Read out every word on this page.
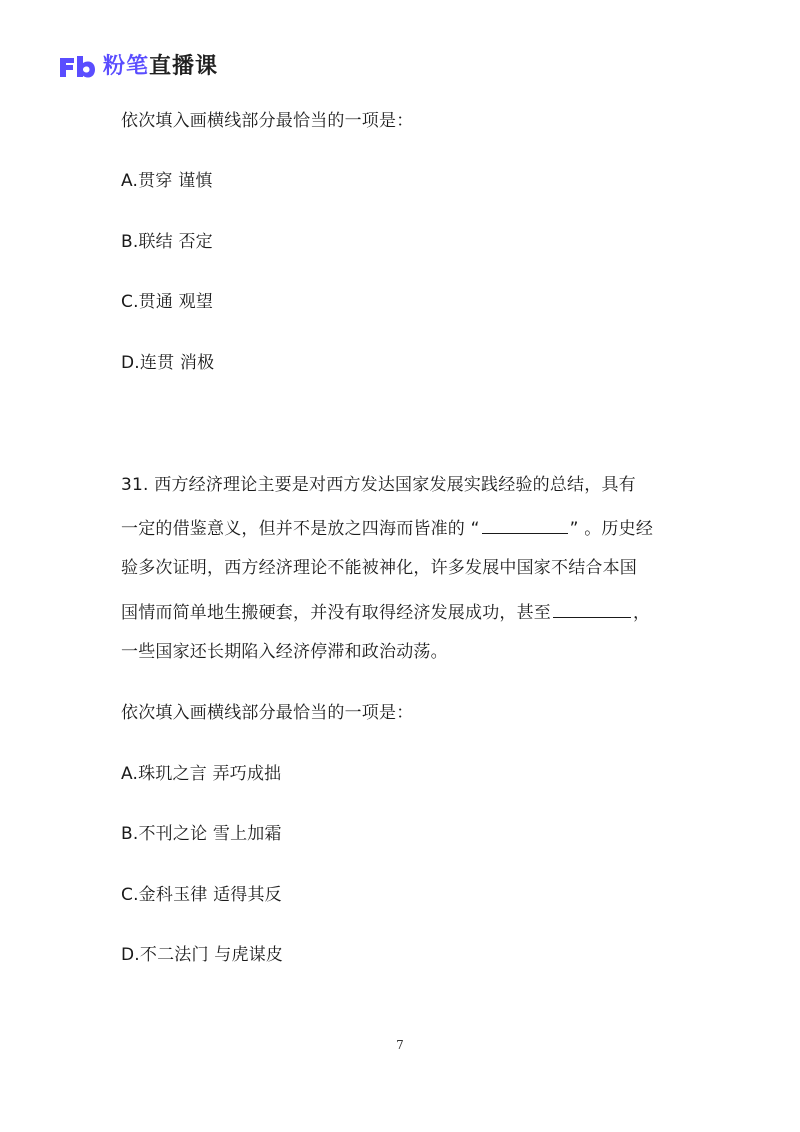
粉笔直播课
依次填入画横线部分最恰当的一项是：
A.贯穿 谨慎
B.联结 否定
C.贯通 观望
D.连贯 消极
31. 西方经济理论主要是对西方发达国家发展实践经验的总结，具有
一定的借鉴意义，但并不是放之四海而皆准的 “	” 。历史经
验多次证明，西方经济理论不能被神化，许多发展中国家不结合本国
国情而简单地生搬硬套，并没有取得经济发展成功，甚至	，
一些国家还长期陷入经济停滞和政治动荡。
依次填入画横线部分最恰当的一项是：
A.珠玑之言 弄巧成拙
B.不刊之论 雪上加霜
C.金科玉律 适得其反
D.不二法门 与虎谋皮
7
